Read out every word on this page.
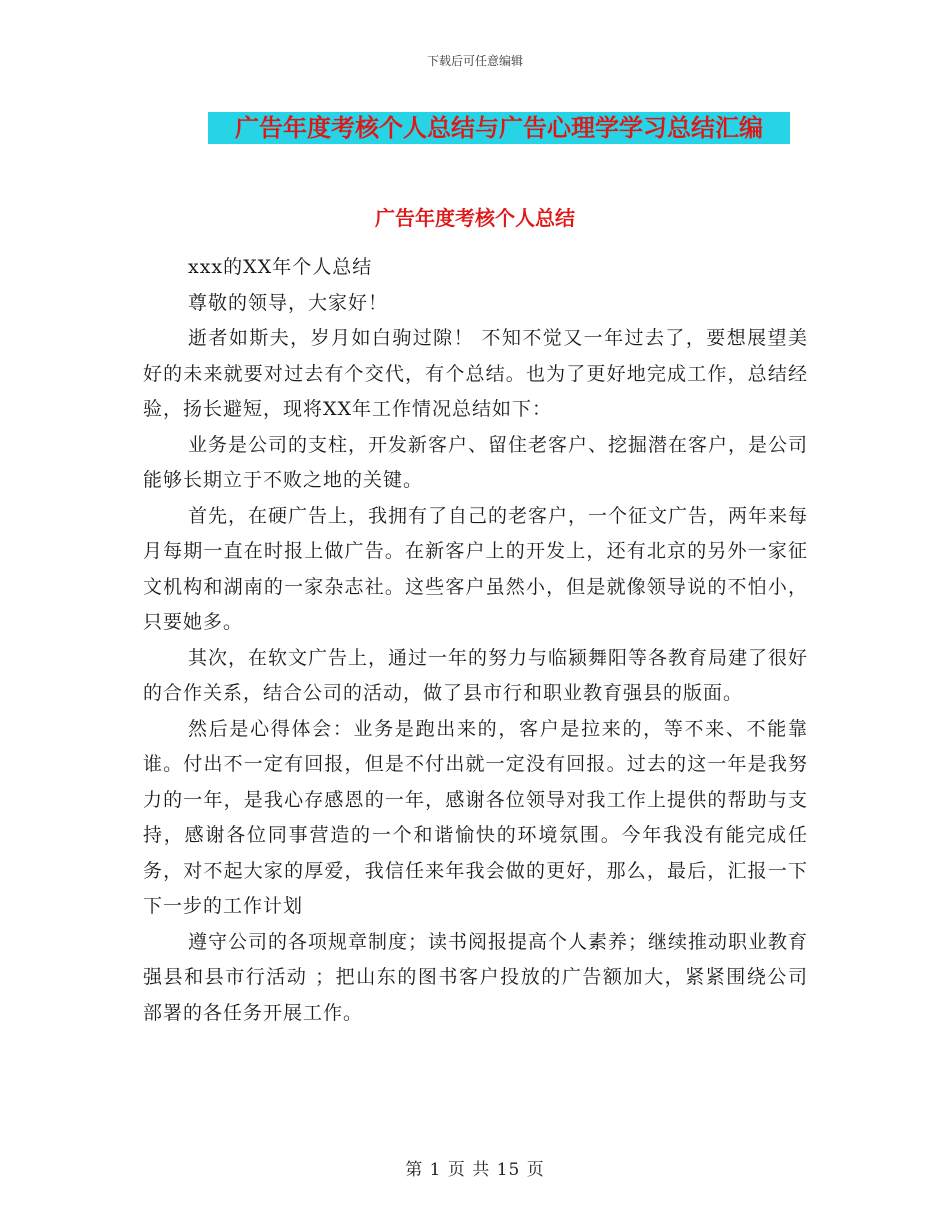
下载后可任意编辑
广告年度考核个人总结与广告心理学学习总结汇编
广告年度考核个人总结

xxx的XX年个人总结

尊敬的领导，大家好！

逝者如斯夫，岁月如白驹过隙！ 不知不觉又一年过去了，要想展望美好的未来就要对过去有个交代，有个总结。也为了更好地完成工作，总结经验，扬长避短，现将XX年工作情况总结如下：

业务是公司的支柱，开发新客户、留住老客户、挖掘潜在客户，是公司能够长期立于不败之地的关键。

首先，在硬广告上，我拥有了自己的老客户，一个征文广告，两年来每月每期一直在时报上做广告。在新客户上的开发上，还有北京的另外一家征文机构和湖南的一家杂志社。这些客户虽然小，但是就像领导说的不怕小，只要她多。

其次，在软文广告上，通过一年的努力与临颍舞阳等各教育局建了很好的合作关系，结合公司的活动，做了县市行和职业教育强县的版面。

然后是心得体会：业务是跑出来的，客户是拉来的，等不来、不能靠谁。付出不一定有回报，但是不付出就一定没有回报。过去的这一年是我努力的一年，是我心存感恩的一年，感谢各位领导对我工作上提供的帮助与支持，感谢各位同事营造的一个和谐愉快的环境氛围。今年我没有能完成任务，对不起大家的厚爱，我信任来年我会做的更好，那么，最后，汇报一下下一步的工作计划

遵守公司的各项规章制度；读书阅报提高个人素养；继续推动职业教育强县和县市行活动 ；把山东的图书客户投放的广告额加大，紧紧围绕公司部署的各任务开展工作。

第 1 页 共 15 页
